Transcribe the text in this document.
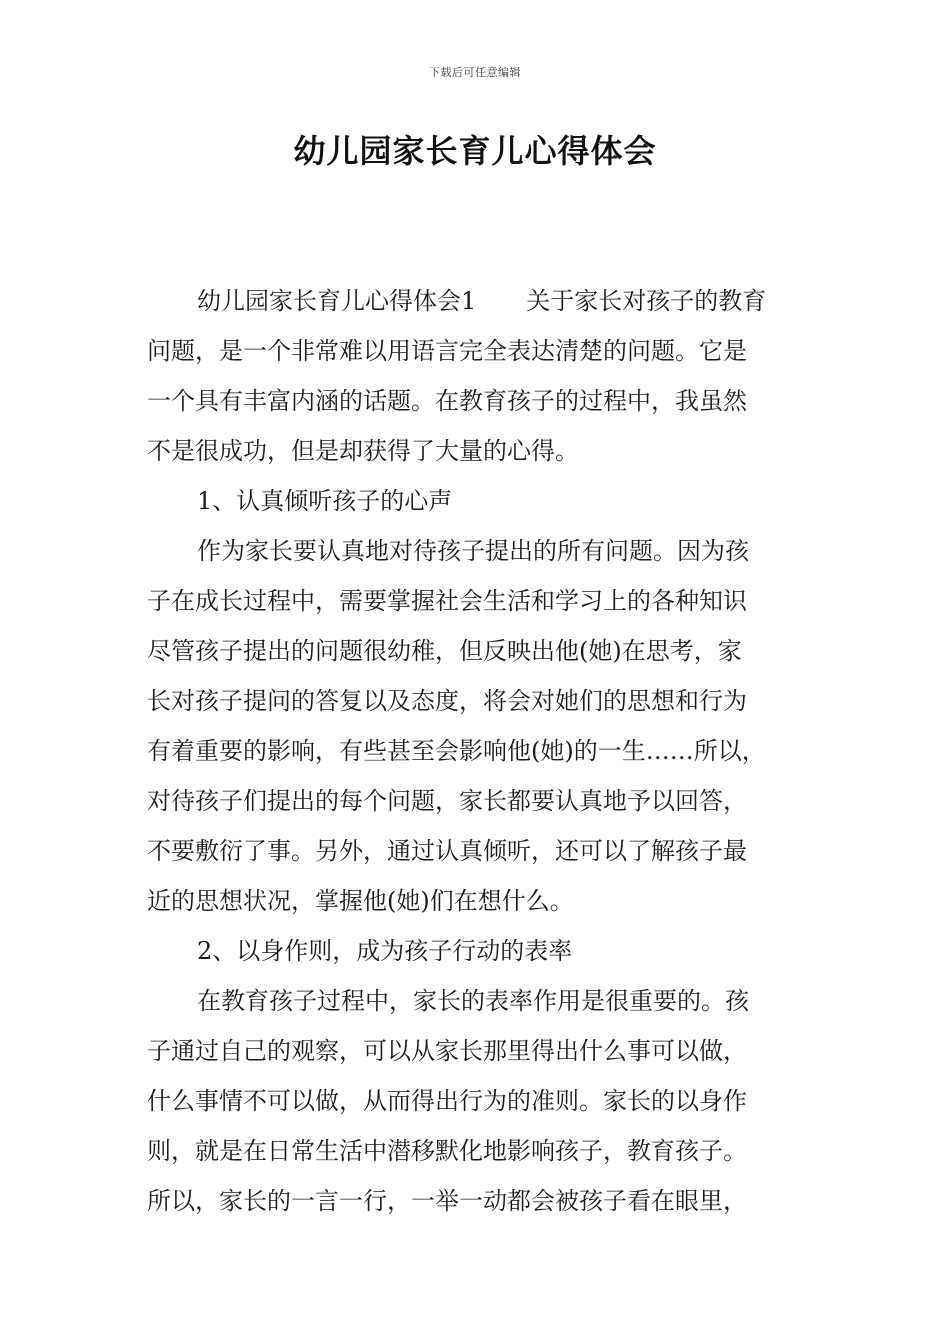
下载后可任意编辑
幼儿园家长育儿心得体会
幼儿园家长育儿心得体会1 关于家长对孩子的教育
问题，是一个非常难以用语言完全表达清楚的问题。它是
一个具有丰富内涵的话题。在教育孩子的过程中，我虽然
不是很成功，但是却获得了大量的心得。
1、认真倾听孩子的心声
作为家长要认真地对待孩子提出的所有问题。因为孩
子在成长过程中，需要掌握社会生活和学习上的各种知识
尽管孩子提出的问题很幼稚，但反映出他(她)在思考，家
长对孩子提问的答复以及态度，将会对她们的思想和行为
有着重要的影响，有些甚至会影响他(她)的一生……所以，
对待孩子们提出的每个问题，家长都要认真地予以回答，
不要敷衍了事。另外，通过认真倾听，还可以了解孩子最
近的思想状况，掌握他(她)们在想什么。
2、以身作则，成为孩子行动的表率
在教育孩子过程中，家长的表率作用是很重要的。孩
子通过自己的观察，可以从家长那里得出什么事可以做，
什么事情不可以做，从而得出行为的准则。家长的以身作
则，就是在日常生活中潜移默化地影响孩子，教育孩子。
所以，家长的一言一行，一举一动都会被孩子看在眼里，
